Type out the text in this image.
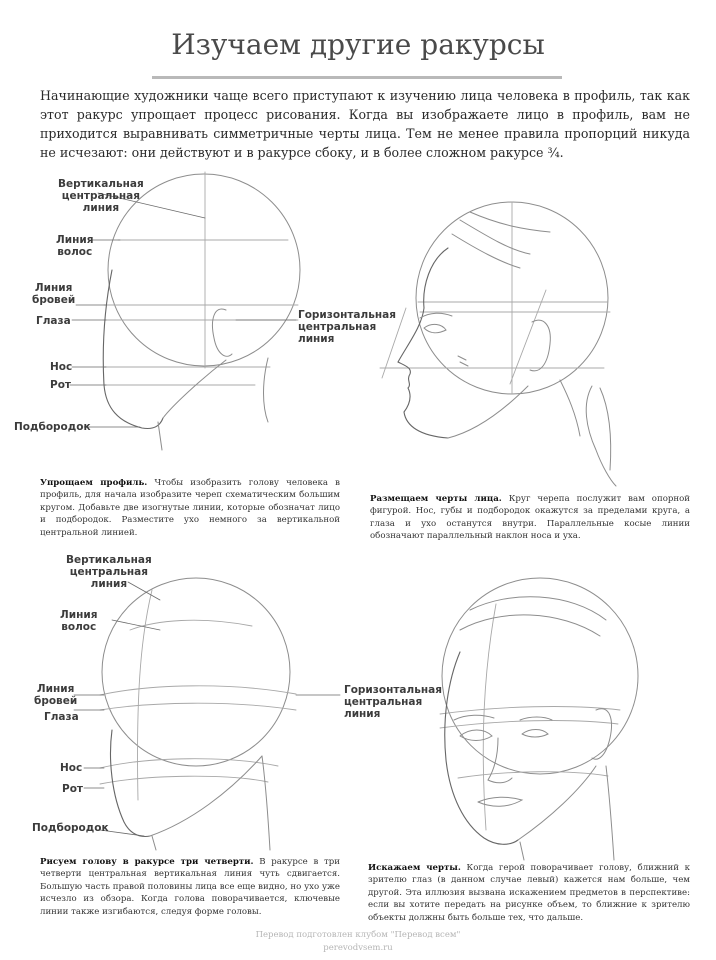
Изучаем другие ракурсы

Начинающие художники чаще всего приступают к изучению лица человека в профиль, так как этот ракурс упрощает процесс рисования. Когда вы изображаете лицо в профиль, вам не приходится выравнивать симметричные черты лица. Тем не менее правила пропорций никуда не исчезают: они действуют и в ракурсе сбоку, и в более сложном ракурсе ¾.

Вертикальная
центральная
линия
Линия
волос
Линия
бровей
Глаза	Горизонтальная
центральная
линия
Нос
Рот
Подбородок

Упрощаем профиль. Чтобы изобразить голову человека в профиль, для начала изобразите череп схематическим большим кругом. Добавьте две изогнутые линии, которые обозначат лицо и подбородок. Разместите ухо немного за вертикальной центральной линией.

Размещаем черты лица. Круг черепа послужит вам опорной фигурой. Нос, губы и подбородок окажутся за пределами круга, а глаза и ухо останутся внутри. Параллельные косые линии обозначают параллельный наклон носа и уха.

Вертикальная
центральная
линия
Линия
волос
Линия
бровей
Глаза
Горизонтальная
центральная
линия
Нос
Рот
Подбородок

Рисуем голову в ракурсе три четверти. В ракурсе в три четверти центральная вертикальная линия чуть сдвигается. Большую часть правой половины лица все еще видно, но ухо уже исчезло из обзора. Когда голова поворачивается, ключевые линии также изгибаются, следуя форме головы.

Искажаем черты. Когда герой поворачивает голову, ближний к зрителю глаз (в данном случае левый) кажется нам больше, чем другой. Эта иллюзия вызвана искажением предметов в перспективе: если вы хотите передать на рисунке объем, то ближние к зрителю объекты должны быть больше тех, что дальше.

Перевод подготовлен клубом "Перевод всем"
perevodvsem.ru
